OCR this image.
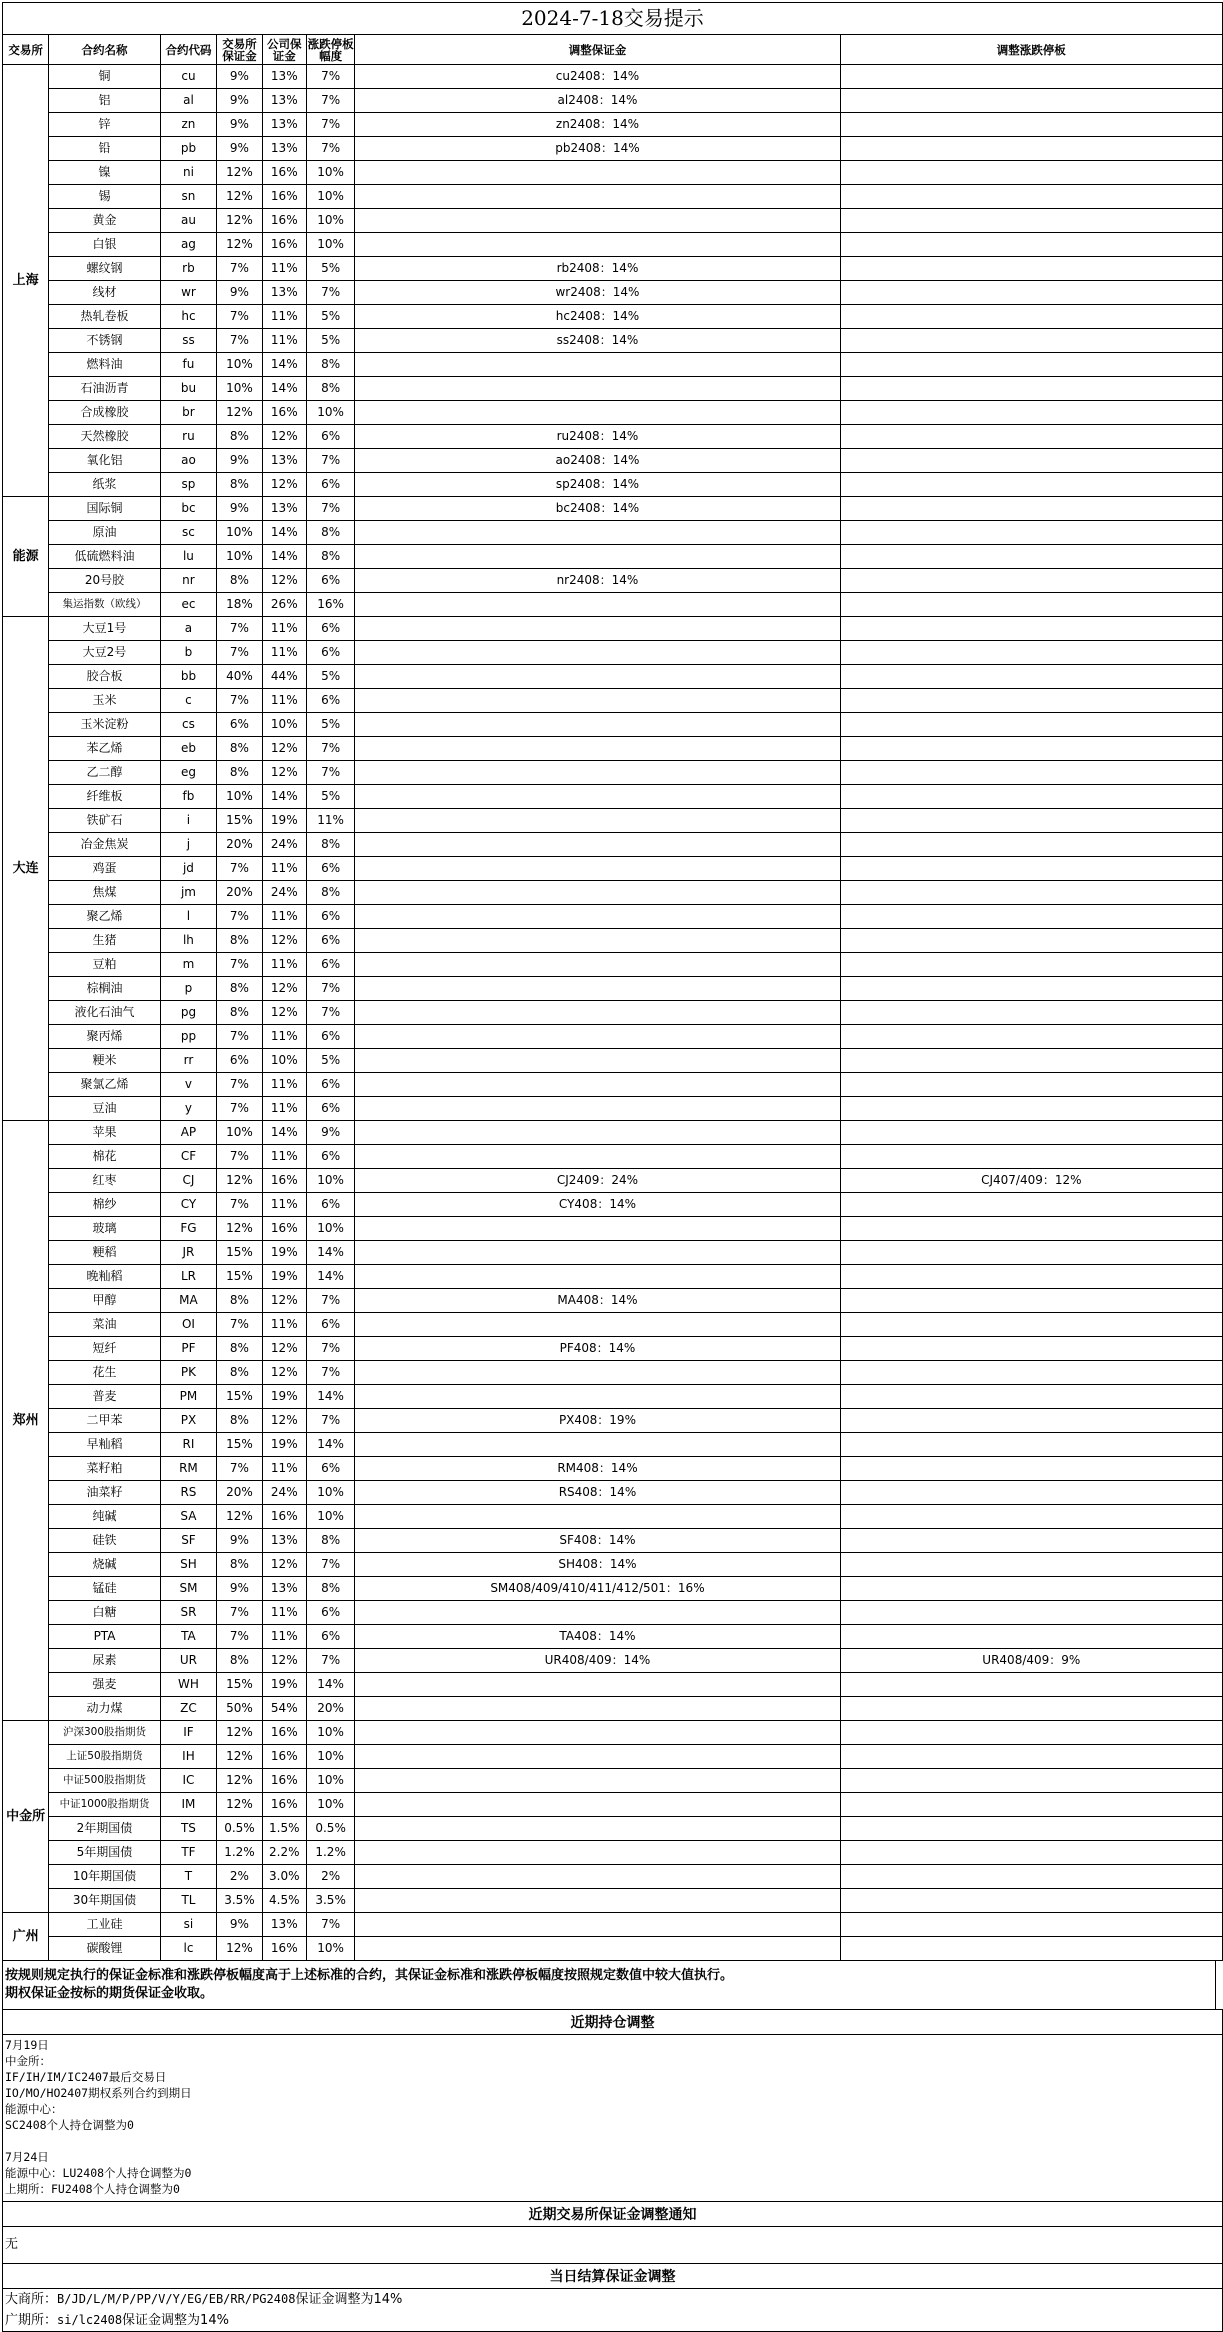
2024-7-18交易提示							
交易所	合约名称	合约代码	交易所保证金	公司保证金	涨跌停板幅度	调整保证金	调整涨跌停板
上海	铜	cu	9%	13%	7%	cu2408：14%	
	铝	al	9%	13%	7%	al2408：14%	
	锌	zn	9%	13%	7%	zn2408：14%	
	铅	pb	9%	13%	7%	pb2408：14%	
	镍	ni	12%	16%	10%		
	锡	sn	12%	16%	10%		
	黄金	au	12%	16%	10%		
	白银	ag	12%	16%	10%		
	螺纹钢	rb	7%	11%	5%	rb2408：14%	
	线材	wr	9%	13%	7%	wr2408：14%	
	热轧卷板	hc	7%	11%	5%	hc2408：14%	
	不锈钢	ss	7%	11%	5%	ss2408：14%	
	燃料油	fu	10%	14%	8%		
	石油沥青	bu	10%	14%	8%		
	合成橡胶	br	12%	16%	10%		
	天然橡胶	ru	8%	12%	6%	ru2408：14%	
	氧化铝	ao	9%	13%	7%	ao2408：14%	
	纸浆	sp	8%	12%	6%	sp2408：14%	
能源	国际铜	bc	9%	13%	7%	bc2408：14%	
	原油	sc	10%	14%	8%		
	低硫燃料油	lu	10%	14%	8%		
	20号胶	nr	8%	12%	6%	nr2408：14%	
	集运指数（欧线）	ec	18%	26%	16%		
大连	大豆1号	a	7%	11%	6%		
	大豆2号	b	7%	11%	6%		
	胶合板	bb	40%	44%	5%		
	玉米	c	7%	11%	6%		
	玉米淀粉	cs	6%	10%	5%		
	苯乙烯	eb	8%	12%	7%		
	乙二醇	eg	8%	12%	7%		
	纤维板	fb	10%	14%	5%		
	铁矿石	i	15%	19%	11%		
	冶金焦炭	j	20%	24%	8%		
	鸡蛋	jd	7%	11%	6%		
	焦煤	jm	20%	24%	8%		
	聚乙烯	l	7%	11%	6%		
	生猪	lh	8%	12%	6%		
	豆粕	m	7%	11%	6%		
	棕榈油	p	8%	12%	7%		
	液化石油气	pg	8%	12%	7%		
	聚丙烯	pp	7%	11%	6%		
	粳米	rr	6%	10%	5%		
	聚氯乙烯	v	7%	11%	6%		
	豆油	y	7%	11%	6%		
郑州	苹果	AP	10%	14%	9%		
	棉花	CF	7%	11%	6%		
	红枣	CJ	12%	16%	10%	CJ2409：24%	CJ407/409：12%
	棉纱	CY	7%	11%	6%	CY408：14%	
	玻璃	FG	12%	16%	10%		
	粳稻	JR	15%	19%	14%		
	晚籼稻	LR	15%	19%	14%		
	甲醇	MA	8%	12%	7%	MA408：14%	
	菜油	OI	7%	11%	6%		
	短纤	PF	8%	12%	7%	PF408：14%	
	花生	PK	8%	12%	7%		
	普麦	PM	15%	19%	14%		
	二甲苯	PX	8%	12%	7%	PX408：19%	
	早籼稻	RI	15%	19%	14%		
	菜籽粕	RM	7%	11%	6%	RM408：14%	
	油菜籽	RS	20%	24%	10%	RS408：14%	
	纯碱	SA	12%	16%	10%		
	硅铁	SF	9%	13%	8%	SF408：14%	
	烧碱	SH	8%	12%	7%	SH408：14%	
	锰硅	SM	9%	13%	8%	SM408/409/410/411/412/501：16%	
	白糖	SR	7%	11%	6%		
	PTA	TA	7%	11%	6%	TA408：14%	
	尿素	UR	8%	12%	7%	UR408/409：14%	UR408/409：9%
	强麦	WH	15%	19%	14%		
	动力煤	ZC	50%	54%	20%		
中金所	沪深300股指期货	IF	12%	16%	10%		
	上证50股指期货	IH	12%	16%	10%		
	中证500股指期货	IC	12%	16%	10%		
	中证1000股指期货	IM	12%	16%	10%		
	2年期国债	TS	0.5%	1.5%	0.5%		
	5年期国债	TF	1.2%	2.2%	1.2%		
	10年期国债	T	2%	3.0%	2%		
	30年期国债	TL	3.5%	4.5%	3.5%		
广州	工业硅	si	9%	13%	7%		
	碳酸锂	lc	12%	16%	10%		
按规则规定执行的保证金标准和涨跌停板幅度高于上述标准的合约，其保证金标准和涨跌停板幅度按照规定数值中较大值执行。
期权保证金按标的期货保证金收取。
近期持仓调整
7月19日
中金所：
IF/IH/IM/IC2407最后交易日
IO/MO/HO2407期权系列合约到期日
能源中心：
SC2408个人持仓调整为0

7月24日
能源中心：LU2408个人持仓调整为0
上期所：FU2408个人持仓调整为0
近期交易所保证金调整通知
无
当日结算保证金调整
大商所：B/JD/L/M/P/PP/V/Y/EG/EB/RR/PG2408保证金调整为14%
广期所：si/lc2408保证金调整为14%
